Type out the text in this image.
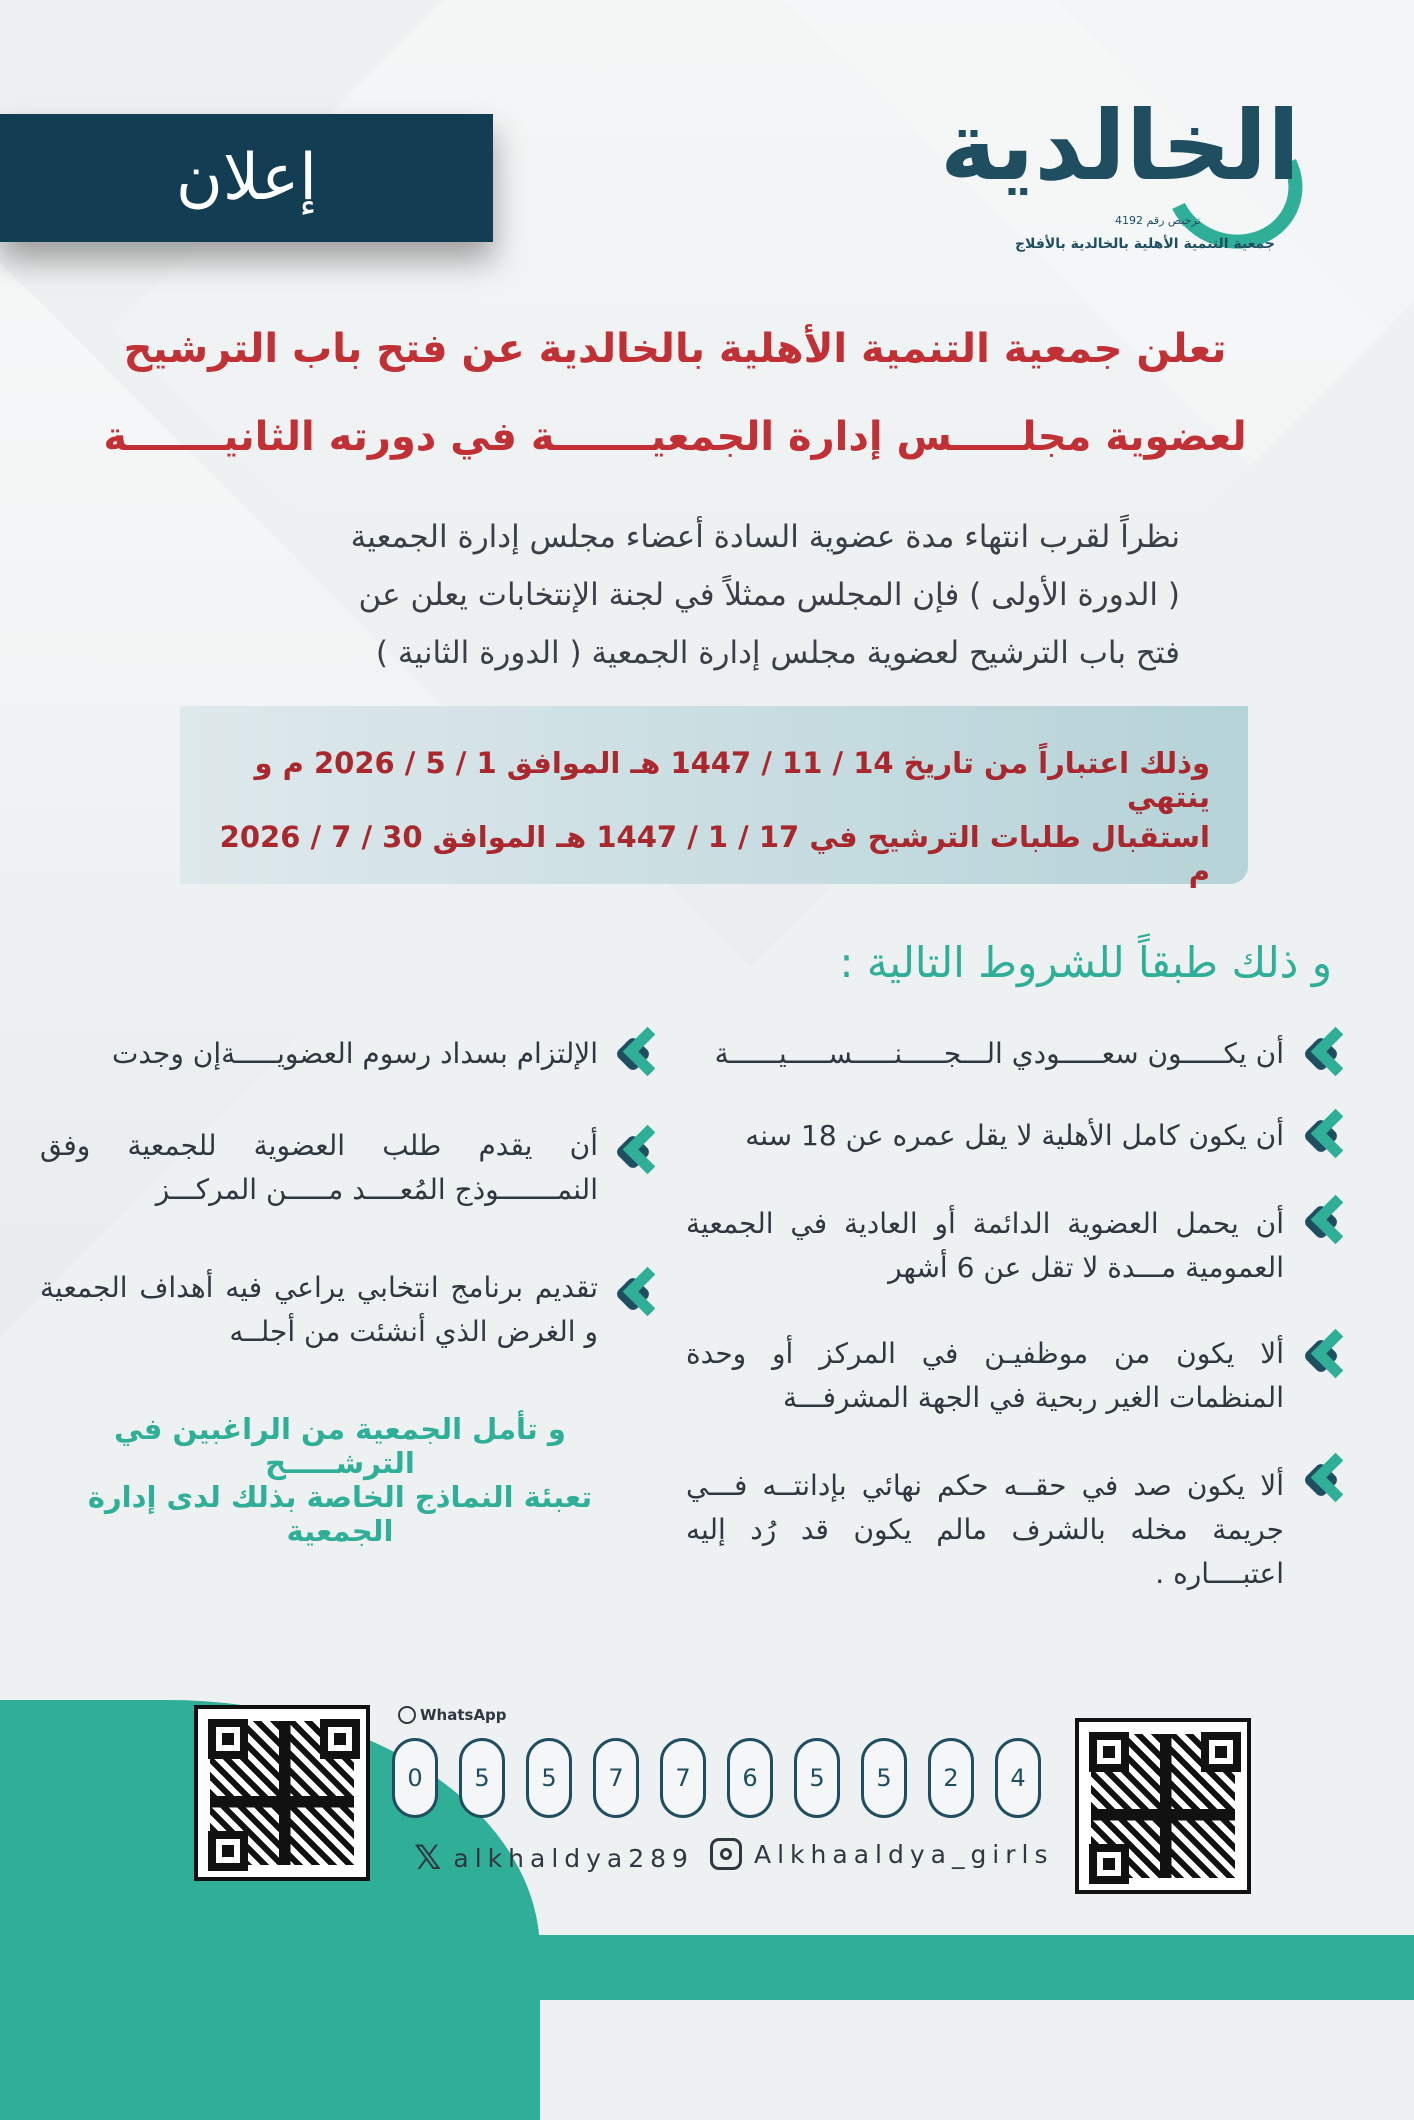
إعلان	الخالدية
ترخيص رقم 4192
جمعية التنمية الأهلية بالخالدية بالأفلاج
تعلن جمعية التنمية الأهلية بالخالدية عن فتح باب الترشيح
لعضوية مجلـــــس إدارة الجمعيـــــــة في دورته الثانيـــــــة
نظراً لقرب انتهاء مدة عضوية السادة أعضاء مجلس إدارة الجمعية
( الدورة الأولى ) فإن المجلس ممثلاً في لجنة الإنتخابات يعلن عن
فتح باب الترشيح لعضوية مجلس إدارة الجمعية ( الدورة الثانية )
وذلك اعتباراً من تاريخ 14 / 11 / 1447 هـ الموافق 1 / 5 / 2026 م و ينتهي
استقبال طلبات الترشيح في 17 / 1 / 1447 هـ الموافق 30 / 7 / 2026 م
و ذلك طبقاً للشروط التالية :
أن يكـــــون سعـــــودي الـــجـــــنـــــســـــيــــــة
أن يكون كامل الأهلية لا يقل عمره عن 18 سنه
أن يحمل العضوية الدائمة أو العادية في الجمعية العمومية مـــدة لا تقل عن 6 أشهر
ألا يكون من موظفيـن في المركز أو وحدة المنظمات الغير ربحية في الجهة المشرفـــة
ألا يكون صد في حقــه حكم نهائي بإدانتــه فـــي جريمة مخله بالشرف مالم يكون قد رُد إليه اعتبــــاره .
الإلتزام بسداد رسوم العضويـــــةإن وجدت
أن يقدم طلب العضوية للجمعية وفق النمـــــــوذج المُعــــد مـــــن المركـــز
تقديم برنامج انتخابي يراعي فيه أهداف الجمعية و الغرض الذي أنشئت من أجلــه
و تأمل الجمعية من الراغبين في الترشـــــح
تعبئة النماذج الخاصة بذلك لدى إدارة الجمعية
WhatsApp
0	5	5	7	7	6	5	5	2	4
𝕏 alkhaldya289 Alkhaaldya_girls
